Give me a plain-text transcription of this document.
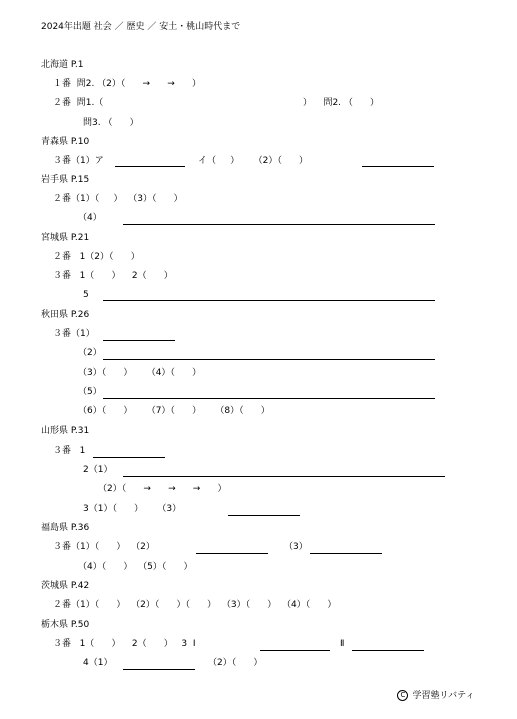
2024年出題 社会 ／ 歴史 ／ 安土・桃山時代まで
北海道 P.1
１番  問2. （2）（      →      →      ）
２番  問1.（	）    問2. （      ）
問3. （      ）
青森県 P.10
３番（1）ア	イ（     ）     （2）（      ）
岩手県 P.15
２番（1）（     ）  （3）（      ）
（4）
宮城県 P.21
２番   1（2）（      ）
３番   1（      ）    2（      ）
5
秋田県 P.26
３番（1）
（2）
（3）（      ）     （4）（      ）
（5）
（6）（      ）     （7）（      ）     （8）（      ）
山形県 P.31
３番   1
2（1）
（2）（      →      →      →      ）
3（1）（      ）     （3）
福島県 P.36
３番（1）（      ）  （2）	（3）
（4）（      ）  （5）（      ）
茨城県 P.42
２番（1）（      ）  （2）（      ）（      ）  （3）（      ）  （4）（      ）
栃木県 P.50
３番   1（      ）    2（      ）   3  Ⅰ	Ⅱ
4（1）	（2）（      ）

C 学習塾リバティ
